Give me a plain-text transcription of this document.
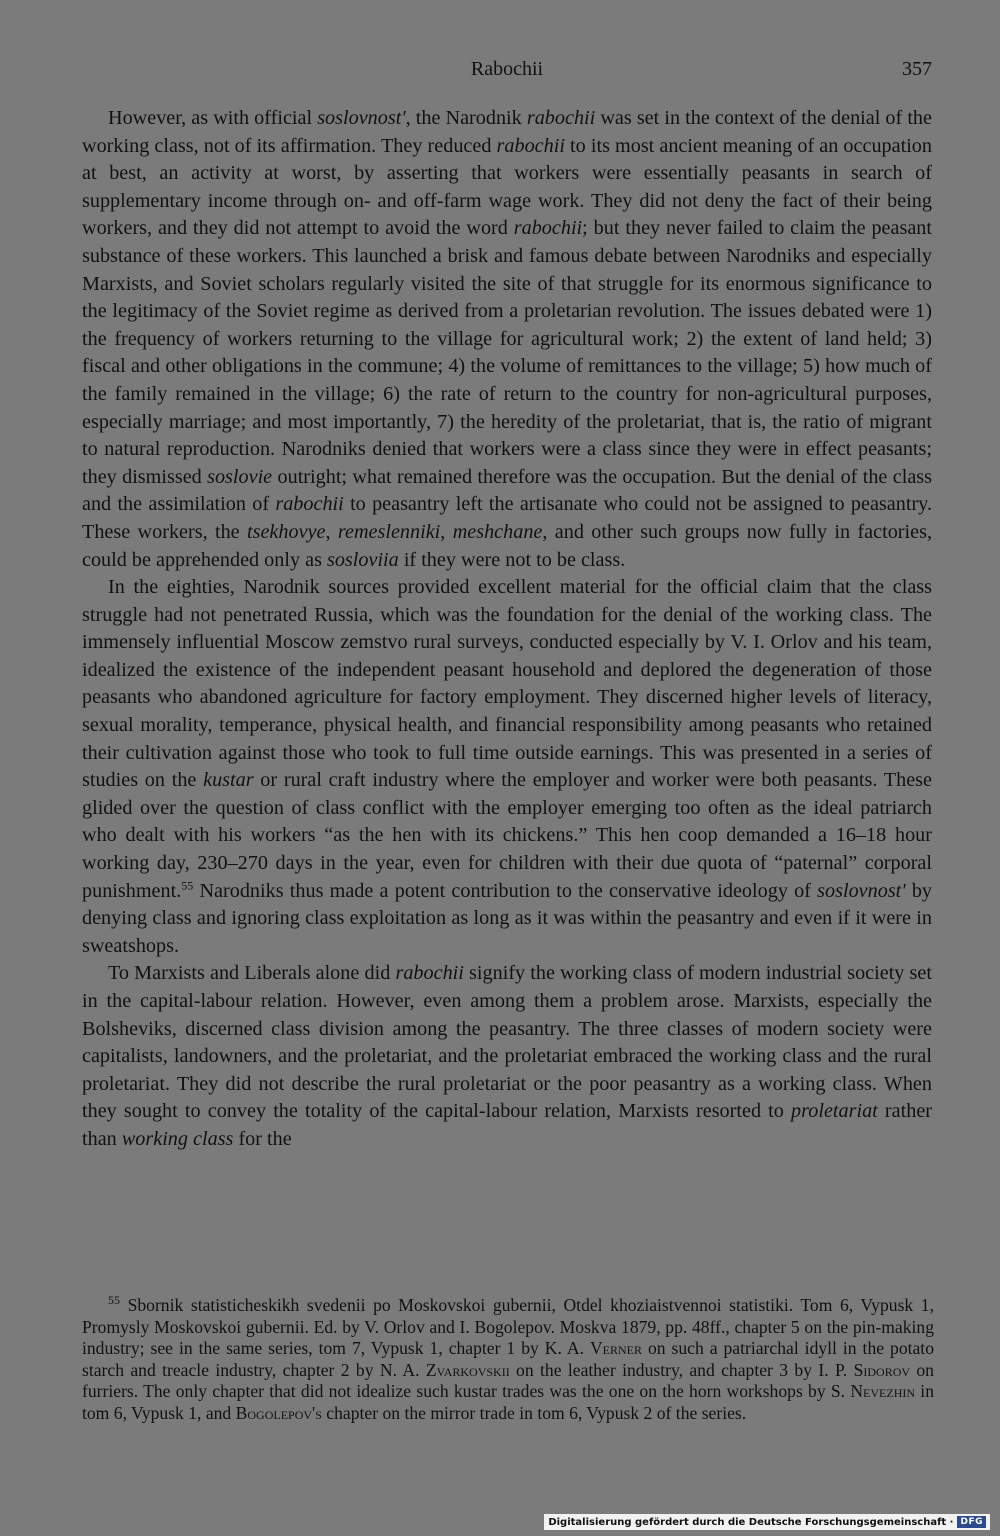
Rabochii	357

However, as with official soslovnost', the Narodnik rabochii was set in the context of the denial of the working class, not of its affirmation. They reduced rabochii to its most ancient meaning of an occupation at best, an activity at worst, by asserting that workers were essentially peasants in search of supplementary income through on- and off-farm wage work. They did not deny the fact of their being workers, and they did not attempt to avoid the word rabochii; but they never failed to claim the peasant substance of these workers. This launched a brisk and famous debate between Narodniks and especially Marxists, and Soviet scholars regularly visited the site of that struggle for its enormous significance to the legitimacy of the Soviet regime as derived from a proletarian revolution. The issues debated were 1) the frequency of workers returning to the village for agricultural work; 2) the extent of land held; 3) fiscal and other obligations in the commune; 4) the volume of remittances to the village; 5) how much of the family remained in the village; 6) the rate of return to the country for non-agricultural purposes, especially marriage; and most importantly, 7) the heredity of the proletariat, that is, the ratio of migrant to natural reproduction. Narodniks denied that workers were a class since they were in effect peasants; they dismissed soslovie outright; what remained therefore was the occupation. But the denial of the class and the assimilation of rabochii to peasantry left the artisanate who could not be assigned to peasantry. These workers, the tsekhovye, remeslenniki, meshchane, and other such groups now fully in factories, could be apprehended only as sosloviia if they were not to be class.

In the eighties, Narodnik sources provided excellent material for the official claim that the class struggle had not penetrated Russia, which was the foundation for the denial of the working class. The immensely influential Moscow zemstvo rural surveys, conducted especially by V. I. Orlov and his team, idealized the existence of the independent peasant household and deplored the degeneration of those peasants who abandoned agriculture for factory employment. They discerned higher levels of literacy, sexual morality, temperance, physical health, and financial responsibility among peasants who retained their cultivation against those who took to full time outside earnings. This was presented in a series of studies on the kustar or rural craft industry where the employer and worker were both peasants. These glided over the question of class conflict with the employer emerging too often as the ideal patriarch who dealt with his workers “as the hen with its chickens.” This hen coop demanded a 16–18 hour working day, 230–270 days in the year, even for children with their due quota of “paternal” corporal punishment.$^{55}$ Narodniks thus made a potent contribution to the conservative ideology of soslovnost' by denying class and ignoring class exploitation as long as it was within the peasantry and even if it were in sweatshops.

To Marxists and Liberals alone did rabochii signify the working class of modern industrial society set in the capital-labour relation. However, even among them a problem arose. Marxists, especially the Bolsheviks, discerned class division among the peasantry. The three classes of modern society were capitalists, landowners, and the proletariat, and the proletariat embraced the working class and the rural proletariat. They did not describe the rural proletariat or the poor peasantry as a working class. When they sought to convey the totality of the capital-labour relation, Marxists resorted to proletariat rather than working class for the

$^{55}$ Sbornik statisticheskikh svedenii po Moskovskoi gubernii, Otdel khoziaistvennoi statistiki. Tom 6, Vypusk 1, Promysly Moskovskoi gubernii. Ed. by V. Orlov and I. Bogolepov. Moskva 1879, pp. 48ff., chapter 5 on the pin-making industry; see in the same series, tom 7, Vypusk 1, chapter 1 by K. A. Verner on such a patriarchal idyll in the potato starch and treacle industry, chapter 2 by N. A. Zvarkovskii on the leather industry, and chapter 3 by I. P. Sidorov on furriers. The only chapter that did not idealize such kustar trades was the one on the horn workshops by S. Nevezhin in tom 6, Vypusk 1, and Bogolepov's chapter on the mirror trade in tom 6, Vypusk 2 of the series.

Digitalisierung gefördert durch die Deutsche Forschungsgemeinschaft · DFG
